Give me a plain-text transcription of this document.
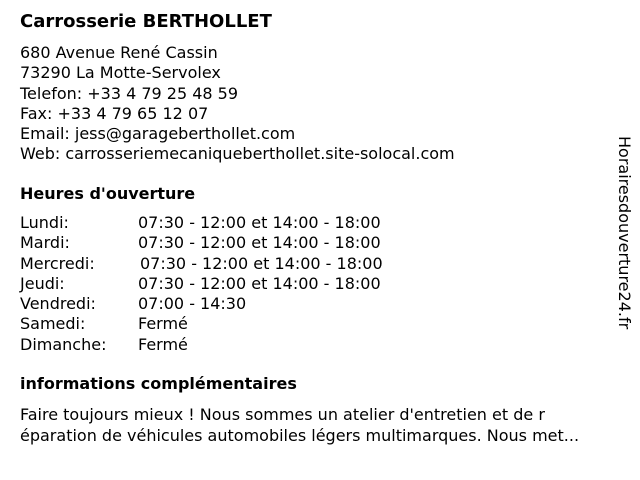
Carrosserie BERTHOLLET
680 Avenue René Cassin
73290 La Motte-Servolex
Telefon: +33 4 79 25 48 59
Fax: +33 4 79 65 12 07
Email: jess@garageberthollet.com
Web: carrosseriemecaniqueberthollet.site-solocal.com
Heures d'ouverture
Lundi:	07:30 - 12:00 et 14:00 - 18:00
Mardi:	07:30 - 12:00 et 14:00 - 18:00
Mercredi:	07:30 - 12:00 et 14:00 - 18:00
Jeudi:	07:30 - 12:00 et 14:00 - 18:00
Vendredi:	07:00 - 14:30
Samedi:	Fermé
Dimanche: Fermé
informations complémentaires
Faire toujours mieux ! Nous sommes un atelier d'entretien et de r
éparation de véhicules automobiles légers multimarques. Nous met...
Horairesdouverture24.fr
